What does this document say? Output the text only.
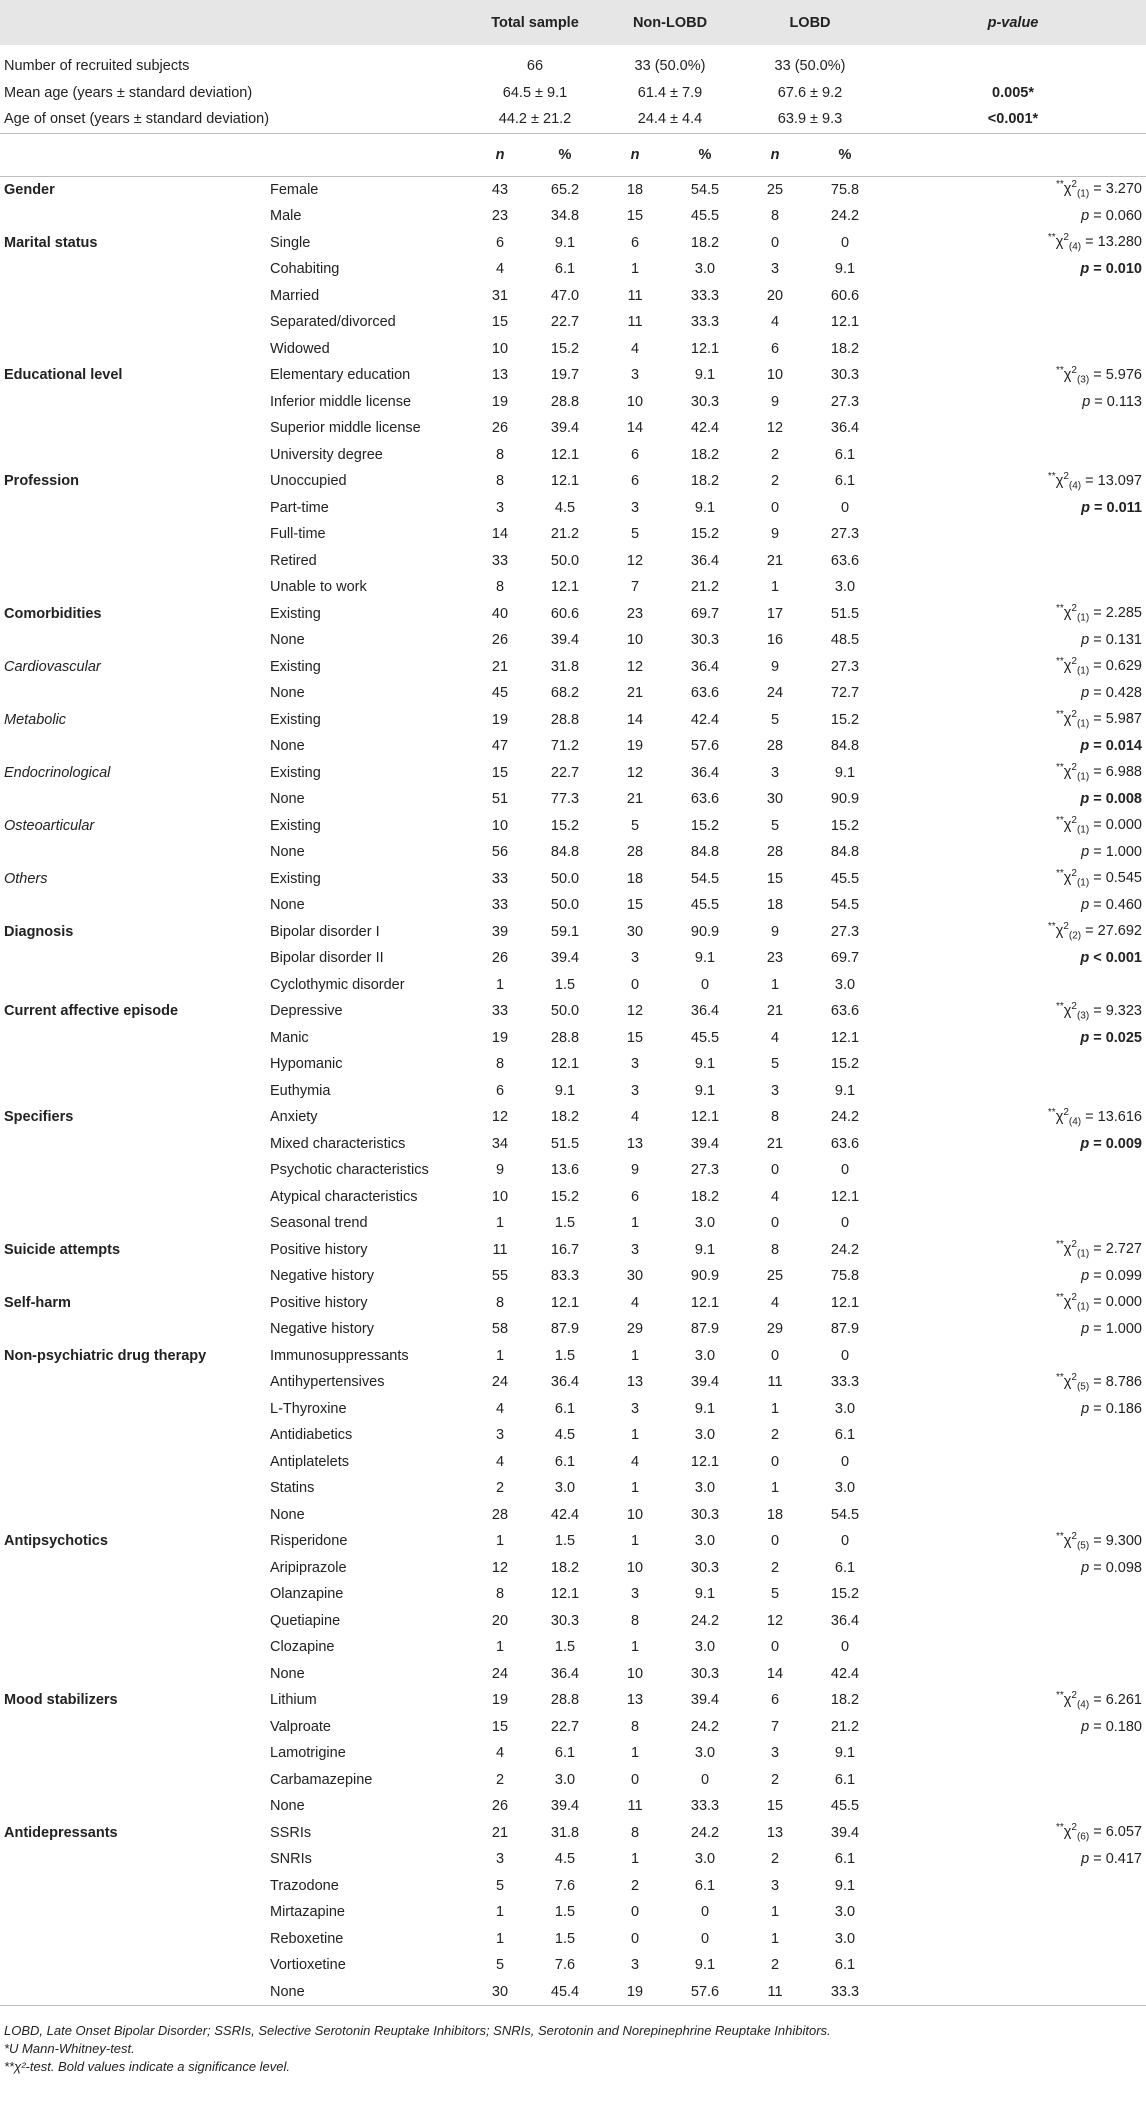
		Total sample		Non-LOBD		LOBD		p-value
Number of recruited subjects		66		33 (50.0%)		33 (50.0%)		
Mean age (years ± standard deviation)		64.5 ± 9.1		61.4 ± 7.9		67.6 ± 9.2		0.005*
Age of onset (years ± standard deviation)		44.2 ± 21.2		24.4 ± 4.4		63.9 ± 9.3		<0.001*
		n	%	n	%	n	%	
Gender	Female	43	65.2	18	54.5	25	75.8	$^{**}\chi^2_{(1)} = 3.270$
	Male	23	34.8	15	45.5	8	24.2	p = 0.060
Marital status	Single	6	9.1	6	18.2	0	0	$^{**}\chi^2_{(4)} = 13.280$
	Cohabiting	4	6.1	1	3.0	3	9.1	p = 0.010
	Married	31	47.0	11	33.3	20	60.6	
	Separated/divorced	15	22.7	11	33.3	4	12.1	
	Widowed	10	15.2	4	12.1	6	18.2	
Educational level	Elementary education	13	19.7	3	9.1	10	30.3	$^{**}\chi^2_{(3)} = 5.976$
	Inferior middle license	19	28.8	10	30.3	9	27.3	p = 0.113
	Superior middle license	26	39.4	14	42.4	12	36.4	
	University degree	8	12.1	6	18.2	2	6.1	
Profession	Unoccupied	8	12.1	6	18.2	2	6.1	$^{**}\chi^2_{(4)} = 13.097$
	Part-time	3	4.5	3	9.1	0	0	p = 0.011
	Full-time	14	21.2	5	15.2	9	27.3	
	Retired	33	50.0	12	36.4	21	63.6	
	Unable to work	8	12.1	7	21.2	1	3.0	
Comorbidities	Existing	40	60.6	23	69.7	17	51.5	$^{**}\chi^2_{(1)} = 2.285$
	None	26	39.4	10	30.3	16	48.5	p = 0.131
Cardiovascular	Existing	21	31.8	12	36.4	9	27.3	$^{**}\chi^2_{(1)} = 0.629$
	None	45	68.2	21	63.6	24	72.7	p = 0.428
Metabolic	Existing	19	28.8	14	42.4	5	15.2	$^{**}\chi^2_{(1)} = 5.987$
	None	47	71.2	19	57.6	28	84.8	p = 0.014
Endocrinological	Existing	15	22.7	12	36.4	3	9.1	$^{**}\chi^2_{(1)} = 6.988$
	None	51	77.3	21	63.6	30	90.9	p = 0.008
Osteoarticular	Existing	10	15.2	5	15.2	5	15.2	$^{**}\chi^2_{(1)} = 0.000$
	None	56	84.8	28	84.8	28	84.8	p = 1.000
Others	Existing	33	50.0	18	54.5	15	45.5	$^{**}\chi^2_{(1)} = 0.545$
	None	33	50.0	15	45.5	18	54.5	p = 0.460
Diagnosis	Bipolar disorder I	39	59.1	30	90.9	9	27.3	$^{**}\chi^2_{(2)} = 27.692$
	Bipolar disorder II	26	39.4	3	9.1	23	69.7	p < 0.001
	Cyclothymic disorder	1	1.5	0	0	1	3.0	
Current affective episode	Depressive	33	50.0	12	36.4	21	63.6	$^{**}\chi^2_{(3)} = 9.323$
	Manic	19	28.8	15	45.5	4	12.1	p = 0.025
	Hypomanic	8	12.1	3	9.1	5	15.2	
	Euthymia	6	9.1	3	9.1	3	9.1	
Specifiers	Anxiety	12	18.2	4	12.1	8	24.2	$^{**}\chi^2_{(4)} = 13.616$
	Mixed characteristics	34	51.5	13	39.4	21	63.6	p = 0.009
	Psychotic characteristics	9	13.6	9	27.3	0	0	
	Atypical characteristics	10	15.2	6	18.2	4	12.1	
	Seasonal trend	1	1.5	1	3.0	0	0	
Suicide attempts	Positive history	11	16.7	3	9.1	8	24.2	$^{**}\chi^2_{(1)} = 2.727$
	Negative history	55	83.3	30	90.9	25	75.8	p = 0.099
Self-harm	Positive history	8	12.1	4	12.1	4	12.1	$^{**}\chi^2_{(1)} = 0.000$
	Negative history	58	87.9	29	87.9	29	87.9	p = 1.000
Non-psychiatric drug therapy	Immunosuppressants	1	1.5	1	3.0	0	0	
	Antihypertensives	24	36.4	13	39.4	11	33.3	$^{**}\chi^2_{(5)} = 8.786$
	L-Thyroxine	4	6.1	3	9.1	1	3.0	p = 0.186
	Antidiabetics	3	4.5	1	3.0	2	6.1	
	Antiplatelets	4	6.1	4	12.1	0	0	
	Statins	2	3.0	1	3.0	1	3.0	
	None	28	42.4	10	30.3	18	54.5	
Antipsychotics	Risperidone	1	1.5	1	3.0	0	0	$^{**}\chi^2_{(5)} = 9.300$
	Aripiprazole	12	18.2	10	30.3	2	6.1	p = 0.098
	Olanzapine	8	12.1	3	9.1	5	15.2	
	Quetiapine	20	30.3	8	24.2	12	36.4	
	Clozapine	1	1.5	1	3.0	0	0	
	None	24	36.4	10	30.3	14	42.4	
Mood stabilizers	Lithium	19	28.8	13	39.4	6	18.2	$^{**}\chi^2_{(4)} = 6.261$
	Valproate	15	22.7	8	24.2	7	21.2	p = 0.180
	Lamotrigine	4	6.1	1	3.0	3	9.1	
	Carbamazepine	2	3.0	0	0	2	6.1	
	None	26	39.4	11	33.3	15	45.5	
Antidepressants	SSRIs	21	31.8	8	24.2	13	39.4	$^{**}\chi^2_{(6)} = 6.057$
	SNRIs	3	4.5	1	3.0	2	6.1	p = 0.417
	Trazodone	5	7.6	2	6.1	3	9.1	
	Mirtazapine	1	1.5	0	0	1	3.0	
	Reboxetine	1	1.5	0	0	1	3.0	
	Vortioxetine	5	7.6	3	9.1	2	6.1	
	None	30	45.4	19	57.6	11	33.3	
LOBD, Late Onset Bipolar Disorder; SSRIs, Selective Serotonin Reuptake Inhibitors; SNRIs, Serotonin and Norepinephrine Reuptake Inhibitors.
*U Mann-Whitney-test.
**χ²-test. Bold values indicate a significance level.
